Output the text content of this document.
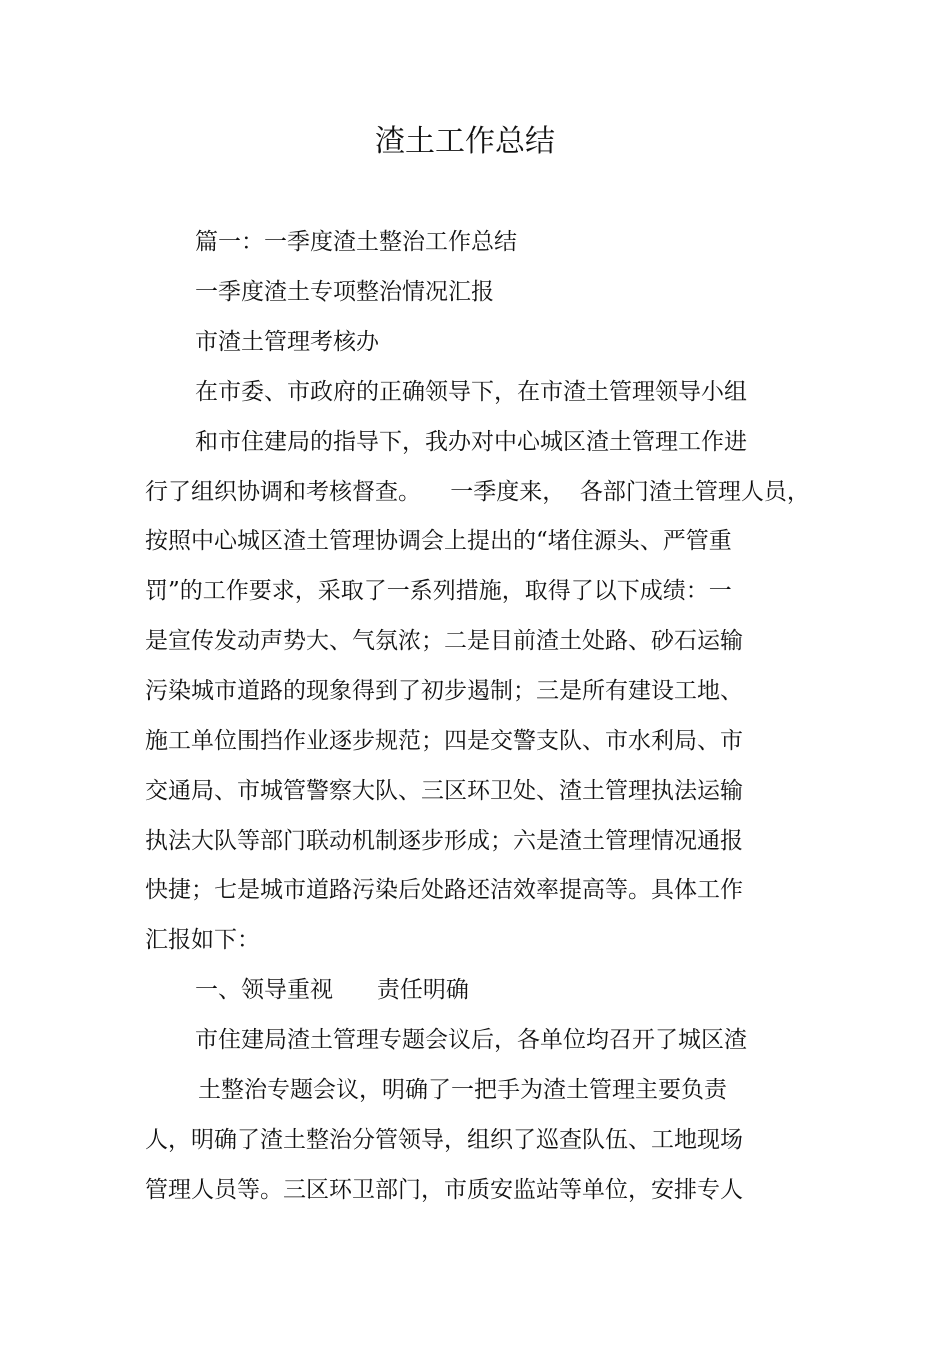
渣土工作总结
篇一：一季度渣土整治工作总结
一季度渣土专项整治情况汇报
市渣土管理考核办
在市委、市政府的正确领导下，在市渣土管理领导小组
和市住建局的指导下，我办对中心城区渣土管理工作进
行了组织协调和考核督查。    一季度来，  各部门渣土管理人员，
按照中心城区渣土管理协调会上提出的“堵住源头、严管重
罚”的工作要求，采取了一系列措施，取得了以下成绩：一
是宣传发动声势大、气氛浓；二是目前渣土处路、砂石运输
污染城市道路的现象得到了初步遏制；三是所有建设工地、
施工单位围挡作业逐步规范；四是交警支队、市水利局、市
交通局、市城管警察大队、三区环卫处、渣土管理执法运输
执法大队等部门联动机制逐步形成；六是渣土管理情况通报
快捷；七是城市道路污染后处路还洁效率提高等。具体工作
汇报如下：
一、领导重视      责任明确
市住建局渣土管理专题会议后，各单位均召开了城区渣
土整治专题会议，明确了一把手为渣土管理主要负责
人，明确了渣土整治分管领导，组织了巡查队伍、工地现场
管理人员等。三区环卫部门，市质安监站等单位，安排专人
